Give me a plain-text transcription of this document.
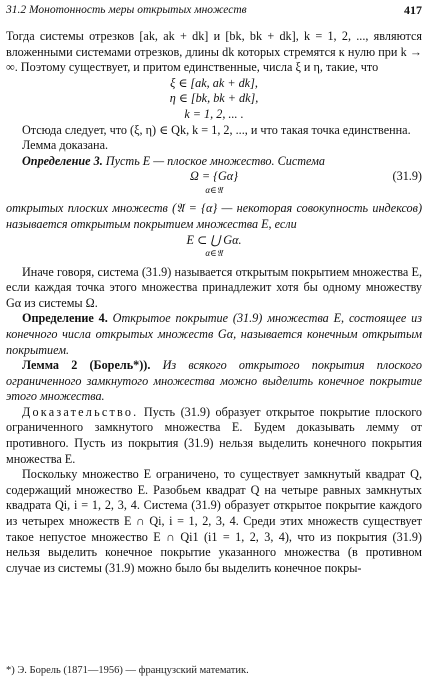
31.2 Монотонность меры открытых множеств	417

Тогда системы отрезков [ak, ak + dk] и [bk, bk + dk], k = 1, 2, ..., являются вложенными системами отрезков, длины dk которых стремятся к нулю при k → ∞. Поэтому существует, и притом единственные, числа ξ и η, такие, что

ξ ∈ [ak, ak + dk],
η ∈ [bk, bk + dk],
k = 1, 2, ... .

Отсюда следует, что (ξ, η) ∈ Qk, k = 1, 2, ..., и что такая точка единственна.

Лемма доказана.

Определение 3. Пусть E — плоское множество. Система

Ω = {Gα}
α∈𝔄
(31.9)

открытых плоских множеств (𝔄 = {α} — некоторая совокупность индексов) называется открытым покрытием множества E, если

E ⊂ ⋃ Gα.
α∈𝔄

Иначе говоря, система (31.9) называется открытым покрытием множества E, если каждая точка этого множества принадлежит хотя бы одному множеству Gα из системы Ω.

Определение 4. Открытое покрытие (31.9) множества E, состоящее из конечного числа открытых множеств Gα, называется конечным открытым покрытием.

Лемма 2 (Борель*)). Из всякого открытого покрытия плоского ограниченного замкнутого множества можно выделить конечное покрытие этого множества.

Доказательство. Пусть (31.9) образует открытое покрытие плоского ограниченного замкнутого множества E. Будем доказывать лемму от противного. Пусть из покрытия (31.9) нельзя выделить конечного покрытия множества E.

Поскольку множество E ограничено, то существует замкнутый квадрат Q, содержащий множество E. Разобьем квадрат Q на четыре равных замкнутых квадрата Qi, i = 1, 2, 3, 4. Система (31.9) образует открытое покрытие каждого из четырех множеств E ∩ Qi, i = 1, 2, 3, 4. Среди этих множеств существует такое непустое множество E ∩ Qi1 (i1 = 1, 2, 3, 4), что из покрытия (31.9) нельзя выделить конечное покрытие указанного множества (в противном случае из системы (31.9) можно было бы выделить конечное покры-

*) Э. Борель (1871—1956) — французский математик.
